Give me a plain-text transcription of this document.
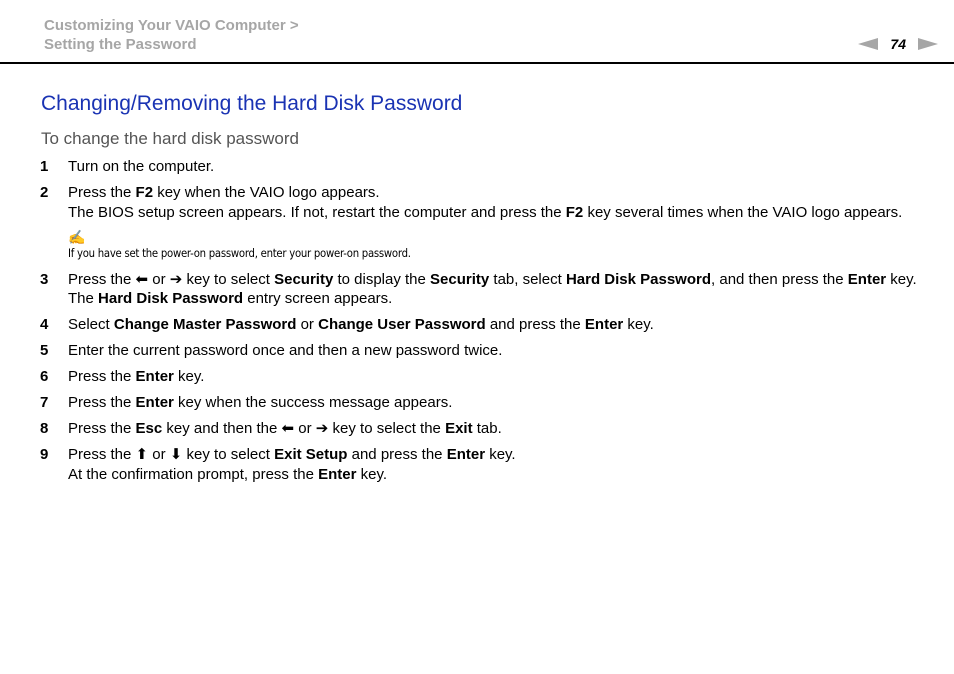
Customizing Your VAIO Computer >
Setting the Password	74
Changing/Removing the Hard Disk Password
To change the hard disk password
1	Turn on the computer.
2	Press the F2 key when the VAIO logo appears.
The BIOS setup screen appears. If not, restart the computer and press the F2 key several times when the VAIO logo appears.
✍
If you have set the power-on password, enter your power-on password.
3	Press the ⬅ or ➔ key to select Security to display the Security tab, select Hard Disk Password, and then press the Enter key.
The Hard Disk Password entry screen appears.
4	Select Change Master Password or Change User Password and press the Enter key.
5	Enter the current password once and then a new password twice.
6	Press the Enter key.
7	Press the Enter key when the success message appears.
8	Press the Esc key and then the ⬅ or ➔ key to select the Exit tab.
9	Press the ⬆ or ⬇ key to select Exit Setup and press the Enter key.
At the confirmation prompt, press the Enter key.
